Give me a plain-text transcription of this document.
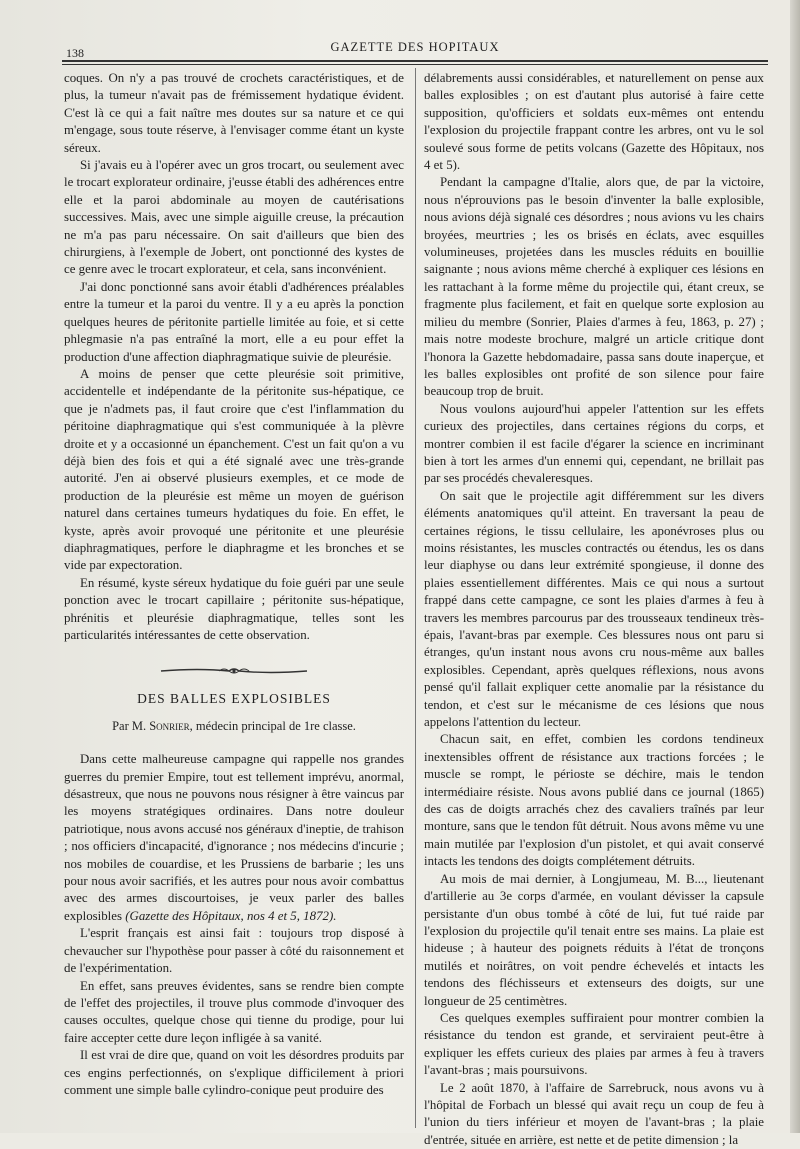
138	GAZETTE DES HOPITAUX

coques. On n'y a pas trouvé de crochets caractéristiques, et de plus, la tumeur n'avait pas de frémissement hydatique évident. C'est là ce qui a fait naître mes doutes sur sa nature et ce qui m'engage, sous toute réserve, à l'envisager comme étant un kyste séreux.

Si j'avais eu à l'opérer avec un gros trocart, ou seulement avec le trocart explorateur ordinaire, j'eusse établi des adhérences entre elle et la paroi abdominale au moyen de cautérisations successives. Mais, avec une simple aiguille creuse, la précaution ne m'a pas paru nécessaire. On sait d'ailleurs que bien des chirurgiens, à l'exemple de Jobert, ont ponctionné des kystes de ce genre avec le trocart explorateur, et cela, sans inconvénient.

J'ai donc ponctionné sans avoir établi d'adhérences préalables entre la tumeur et la paroi du ventre. Il y a eu après la ponction quelques heures de péritonite partielle limitée au foie, et si cette phlegmasie n'a pas entraîné la mort, elle a eu pour effet la production d'une affection diaphragmatique suivie de pleurésie.

A moins de penser que cette pleurésie soit primitive, accidentelle et indépendante de la péritonite sus-hépatique, ce que je n'admets pas, il faut croire que c'est l'inflammation du péritoine diaphragmatique qui s'est communiquée à la plèvre droite et y a occasionné un épanchement. C'est un fait qu'on a vu déjà bien des fois et qui a été signalé avec une très-grande autorité. J'en ai observé plusieurs exemples, et ce mode de production de la pleurésie est même un moyen de guérison naturel dans certaines tumeurs hydatiques du foie. En effet, le kyste, après avoir provoqué une péritonite et une pleurésie diaphragmatiques, perfore le diaphragme et les bronches et se vide par expectoration.

En résumé, kyste séreux hydatique du foie guéri par une seule ponction avec le trocart capillaire ; péritonite sus-hépatique, phrénitis et pleurésie diaphragmatique, telles sont les particularités intéressantes de cette observation.

DES BALLES EXPLOSIBLES
Par M. Sonrier, médecin principal de 1re classe.

Dans cette malheureuse campagne qui rappelle nos grandes guerres du premier Empire, tout est tellement imprévu, anormal, désastreux, que nous ne pouvons nous résigner à être vaincus par les moyens stratégiques ordinaires. Dans notre douleur patriotique, nous avons accusé nos généraux d'ineptie, de trahison ; nos officiers d'incapacité, d'ignorance ; nos médecins d'incurie ; nos mobiles de couardise, et les Prussiens de barbarie ; les uns pour nous avoir sacrifiés, et les autres pour nous avoir combattus avec des armes discourtoises, je veux parler des balles explosibles (Gazette des Hôpitaux, nos 4 et 5, 1872).

L'esprit français est ainsi fait : toujours trop disposé à chevaucher sur l'hypothèse pour passer à côté du raisonnement et de l'expérimentation.

En effet, sans preuves évidentes, sans se rendre bien compte de l'effet des projectiles, il trouve plus commode d'invoquer des causes occultes, quelque chose qui tienne du prodige, pour lui faire accepter cette dure leçon infligée à sa vanité.

Il est vrai de dire que, quand on voit les désordres produits par ces engins perfectionnés, on s'explique difficilement à priori comment une simple balle cylindro-conique peut produire des

délabrements aussi considérables, et naturellement on pense aux balles explosibles ; on est d'autant plus autorisé à faire cette supposition, qu'officiers et soldats eux-mêmes ont entendu l'explosion du projectile frappant contre les arbres, ont vu le sol soulevé sous forme de petits volcans (Gazette des Hôpitaux, nos 4 et 5).

Pendant la campagne d'Italie, alors que, de par la victoire, nous n'éprouvions pas le besoin d'inventer la balle explosible, nous avions déjà signalé ces désordres ; nous avions vu les chairs broyées, meurtries ; les os brisés en éclats, avec esquilles volumineuses, projetées dans les muscles réduits en bouillie saignante ; nous avions même cherché à expliquer ces lésions en les rattachant à la forme même du projectile qui, étant creux, se fragmente plus facilement, et fait en quelque sorte explosion au milieu du membre (Sonrier, Plaies d'armes à feu, 1863, p. 27) ; mais notre modeste brochure, malgré un article critique dont l'honora la Gazette hebdomadaire, passa sans doute inaperçue, et les balles explosibles ont profité de son silence pour faire beaucoup trop de bruit.

Nous voulons aujourd'hui appeler l'attention sur les effets curieux des projectiles, dans certaines régions du corps, et montrer combien il est facile d'égarer la science en incriminant bien à tort les armes d'un ennemi qui, cependant, ne brillait pas par ses procédés chevaleresques.

On sait que le projectile agit différemment sur les divers éléments anatomiques qu'il atteint. En traversant la peau de certaines régions, le tissu cellulaire, les aponévroses plus ou moins résistantes, les muscles contractés ou étendus, les os dans leur diaphyse ou dans leur extrémité spongieuse, il donne des plaies essentiellement différentes. Mais ce qui nous a surtout frappé dans cette campagne, ce sont les plaies d'armes à feu à travers les membres parcourus par des trousseaux tendineux très-épais, l'avant-bras par exemple. Ces blessures nous ont paru si étranges, qu'un instant nous avons cru nous-même aux balles explosibles. Cependant, après quelques réflexions, nous avons pensé qu'il fallait expliquer cette anomalie par la résistance du tendon, et c'est sur le mécanisme de ces lésions que nous appelons l'attention du lecteur.

Chacun sait, en effet, combien les cordons tendineux inextensibles offrent de résistance aux tractions forcées ; le muscle se rompt, le périoste se déchire, mais le tendon intermédiaire résiste. Nous avons publié dans ce journal (1865) des cas de doigts arrachés chez des cavaliers traînés par leur monture, sans que le tendon fût détruit. Nous avons même vu une main mutilée par l'explosion d'un pistolet, et qui avait conservé intacts les tendons des doigts complétement détruits.

Au mois de mai dernier, à Longjumeau, M. B..., lieutenant d'artillerie au 3e corps d'armée, en voulant dévisser la capsule persistante d'un obus tombé à côté de lui, fut tué raide par l'explosion du projectile qu'il tenait entre ses mains. La plaie est hideuse ; à hauteur des poignets réduits à l'état de tronçons mutilés et noirâtres, on voit pendre échevelés et intacts les tendons des fléchisseurs et extenseurs des doigts, sur une longueur de 25 centimètres.

Ces quelques exemples suffiraient pour montrer combien la résistance du tendon est grande, et serviraient peut-être à expliquer les effets curieux des plaies par armes à feu à travers l'avant-bras ; mais poursuivons.

Le 2 août 1870, à l'affaire de Sarrebruck, nous avons vu à l'hôpital de Forbach un blessé qui avait reçu un coup de feu à l'union du tiers inférieur et moyen de l'avant-bras ; la plaie d'entrée, située en arrière, est nette et de petite dimension ; la
